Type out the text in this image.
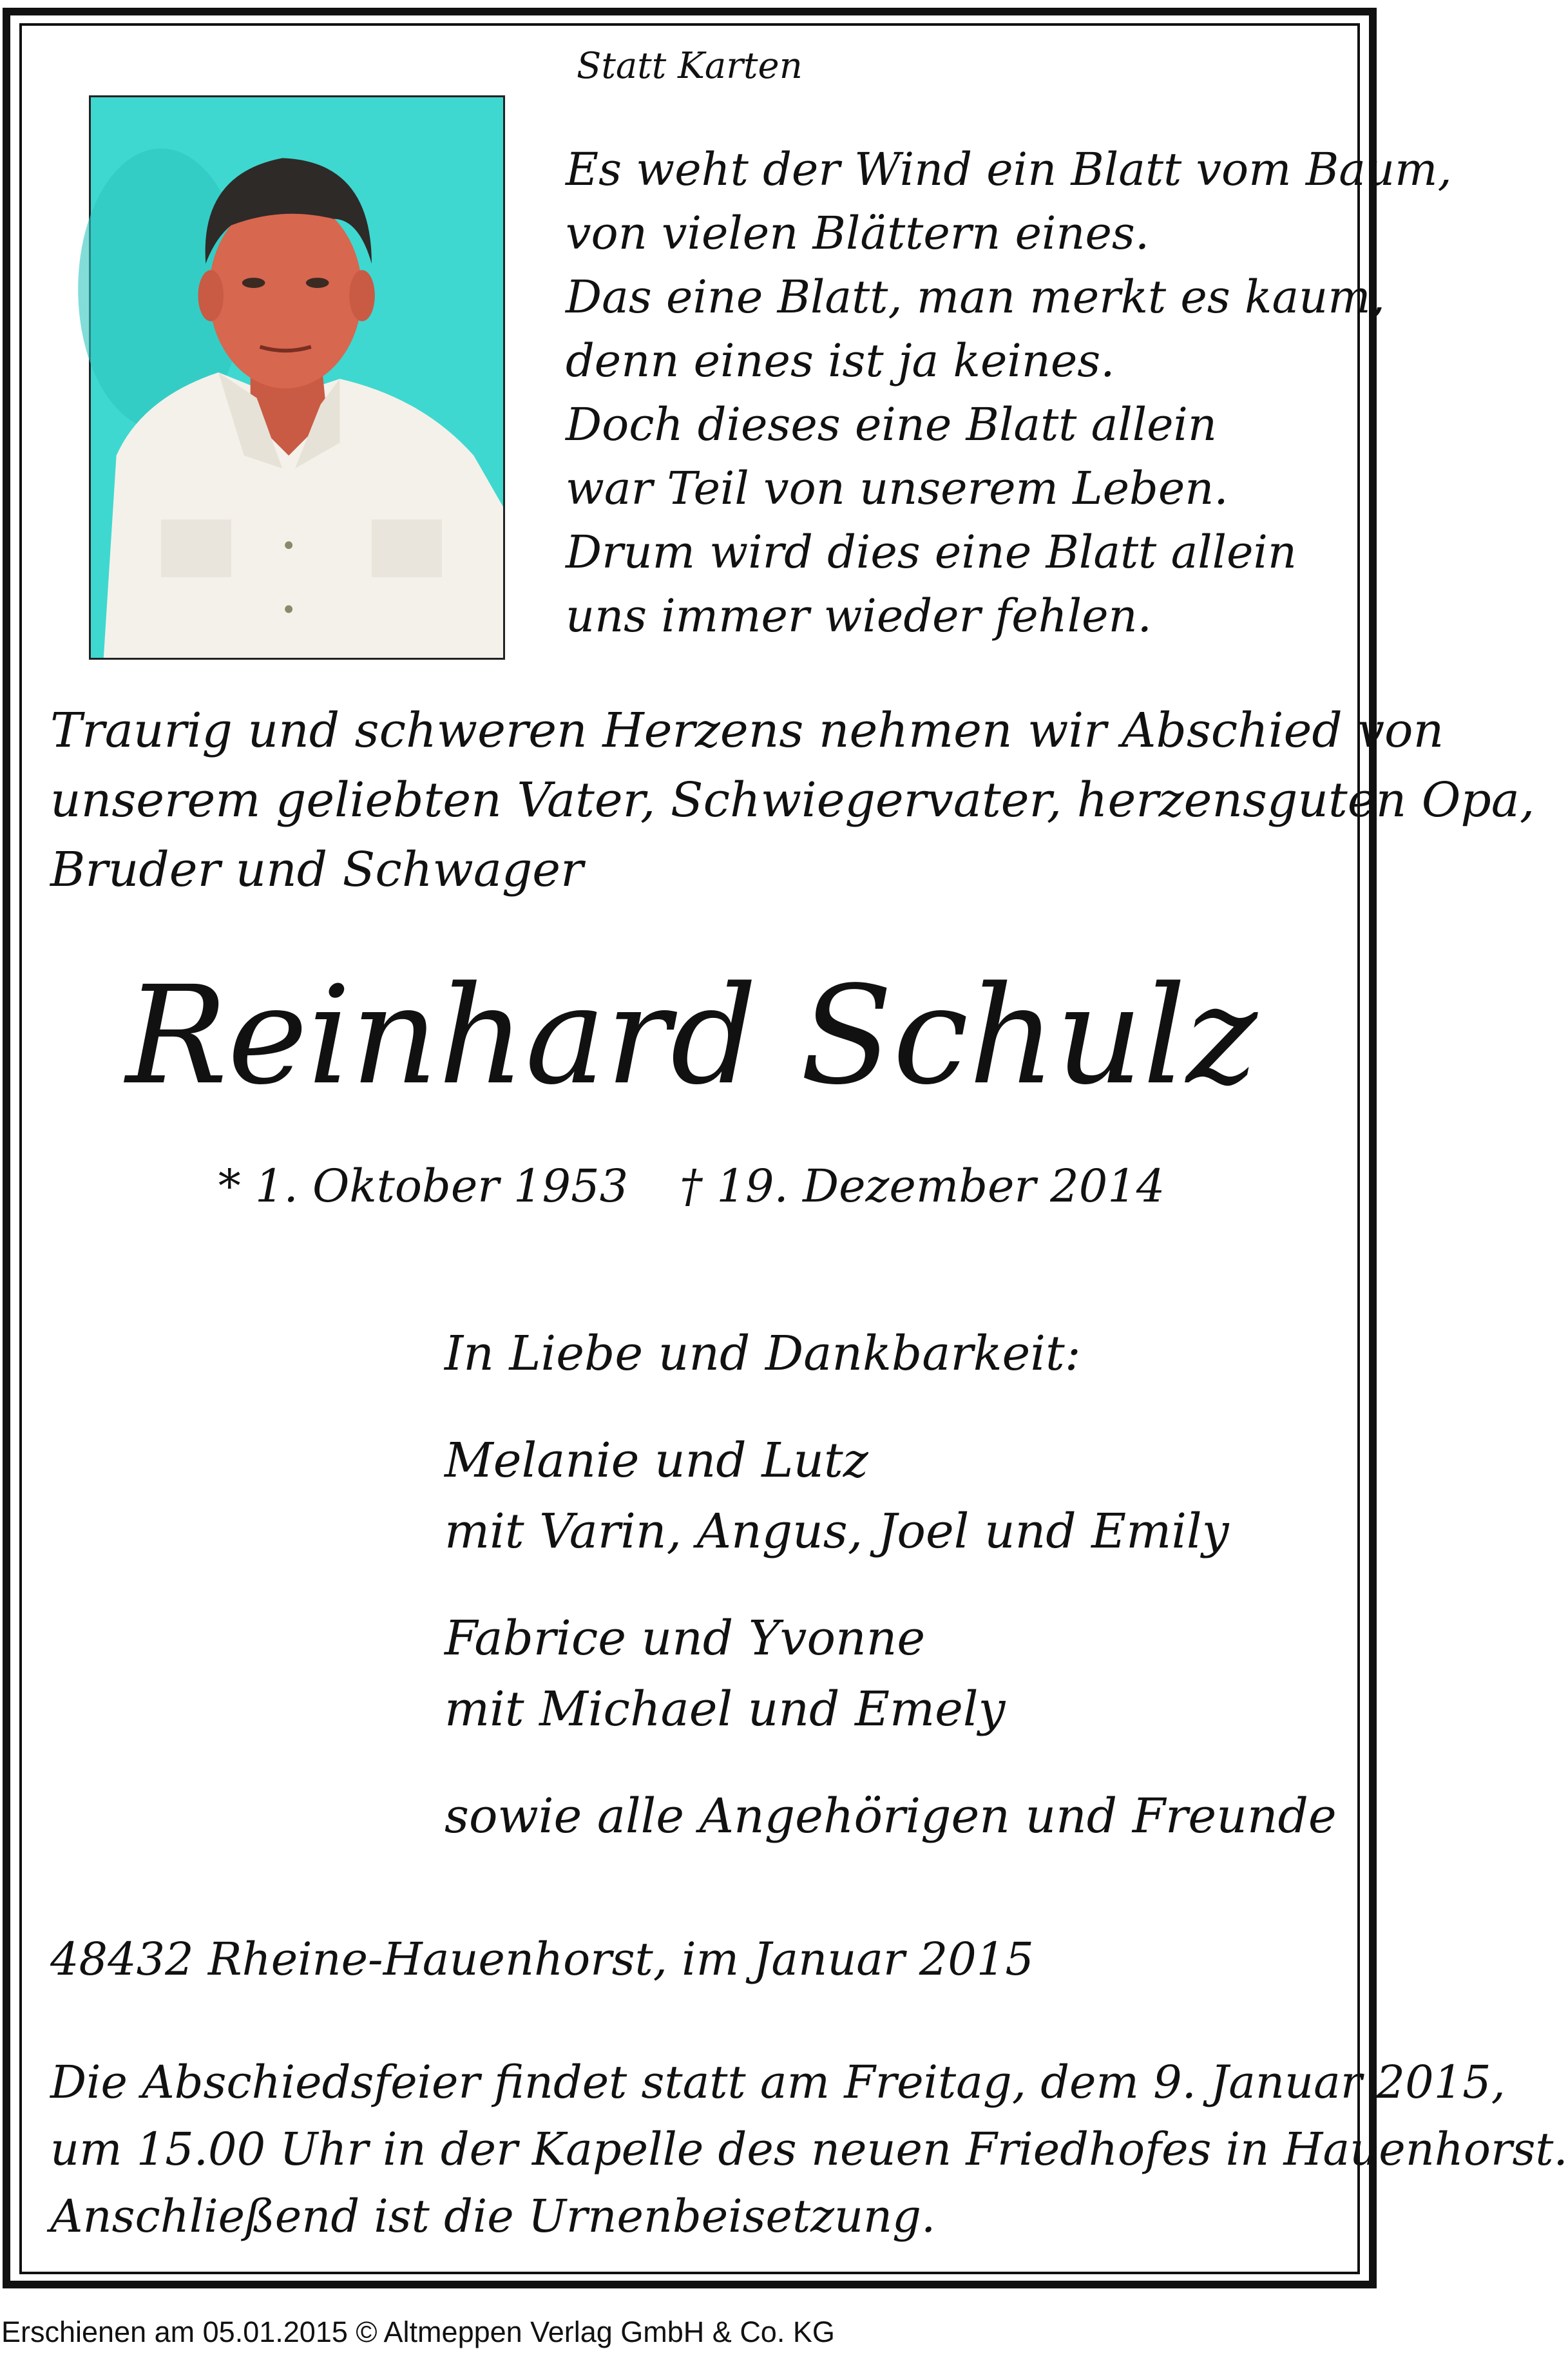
Statt Karten
Es weht der Wind ein Blatt vom Baum,
von vielen Blättern eines.
Das eine Blatt, man merkt es kaum,
denn eines ist ja keines.
Doch dieses eine Blatt allein
war Teil von unserem Leben.
Drum wird dies eine Blatt allein
uns immer wieder fehlen.
Traurig und schweren Herzens nehmen wir Abschied von
unserem geliebten Vater, Schwiegervater, herzensguten Opa,
Bruder und Schwager
Reinhard Schulz
* 1. Oktober 1953 † 19. Dezember 2014
In Liebe und Dankbarkeit:
Melanie und Lutz
mit Varin, Angus, Joel und Emily
Fabrice und Yvonne
mit Michael und Emely
sowie alle Angehörigen und Freunde
48432 Rheine-Hauenhorst, im Januar 2015
Die Abschiedsfeier findet statt am Freitag, dem 9. Januar 2015,
um 15.00 Uhr in der Kapelle des neuen Friedhofes in Hauenhorst.
Anschließend ist die Urnenbeisetzung.
Erschienen am 05.01.2015 © Altmeppen Verlag GmbH & Co. KG
